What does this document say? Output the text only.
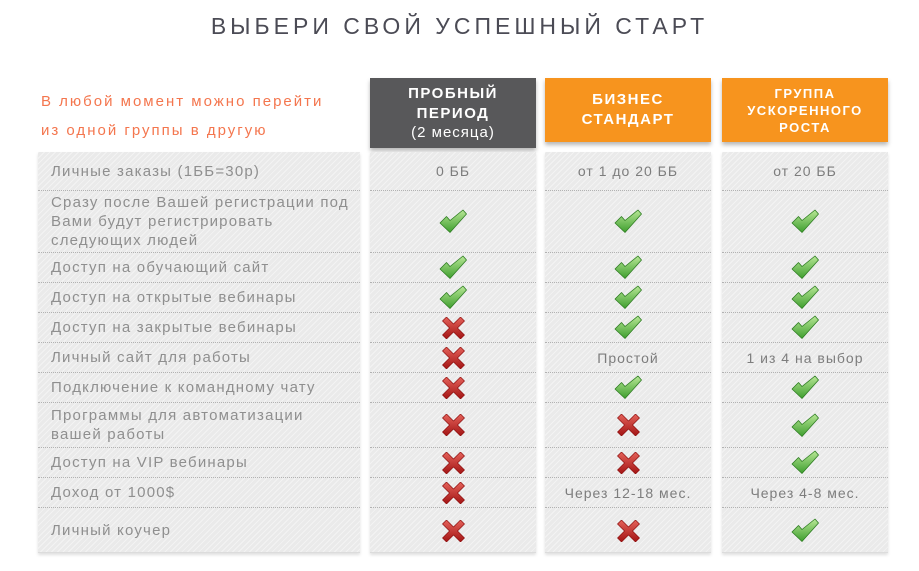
ВЫБЕРИ СВОЙ УСПЕШНЫЙ СТАРТ
В любой момент можно перейти
из одной группы в другую
Личные заказы (1ББ=30р)
Сразу после Вашей регистрации под Вами будут регистрировать следующих людей
Доступ на обучающий сайт
Доступ на открытые вебинары
Доступ на закрытые вебинары
Личный сайт для работы
Подключение к командному чату
Программы для автоматизации вашей работы
Доступ на VIP вебинары
Доход от 1000$
Личный коучер
ПРОБНЫЙ
ПЕРИОД
(2 месяца)
0 ББ
БИЗНЕС
СТАНДАРТ
от 1 до 20 ББ
Простой
Через 12-18 мес.
ГРУППА
УСКОРЕННОГО
РОСТА
от 20 ББ
1 из 4 на выбор
Через 4-8 мес.
